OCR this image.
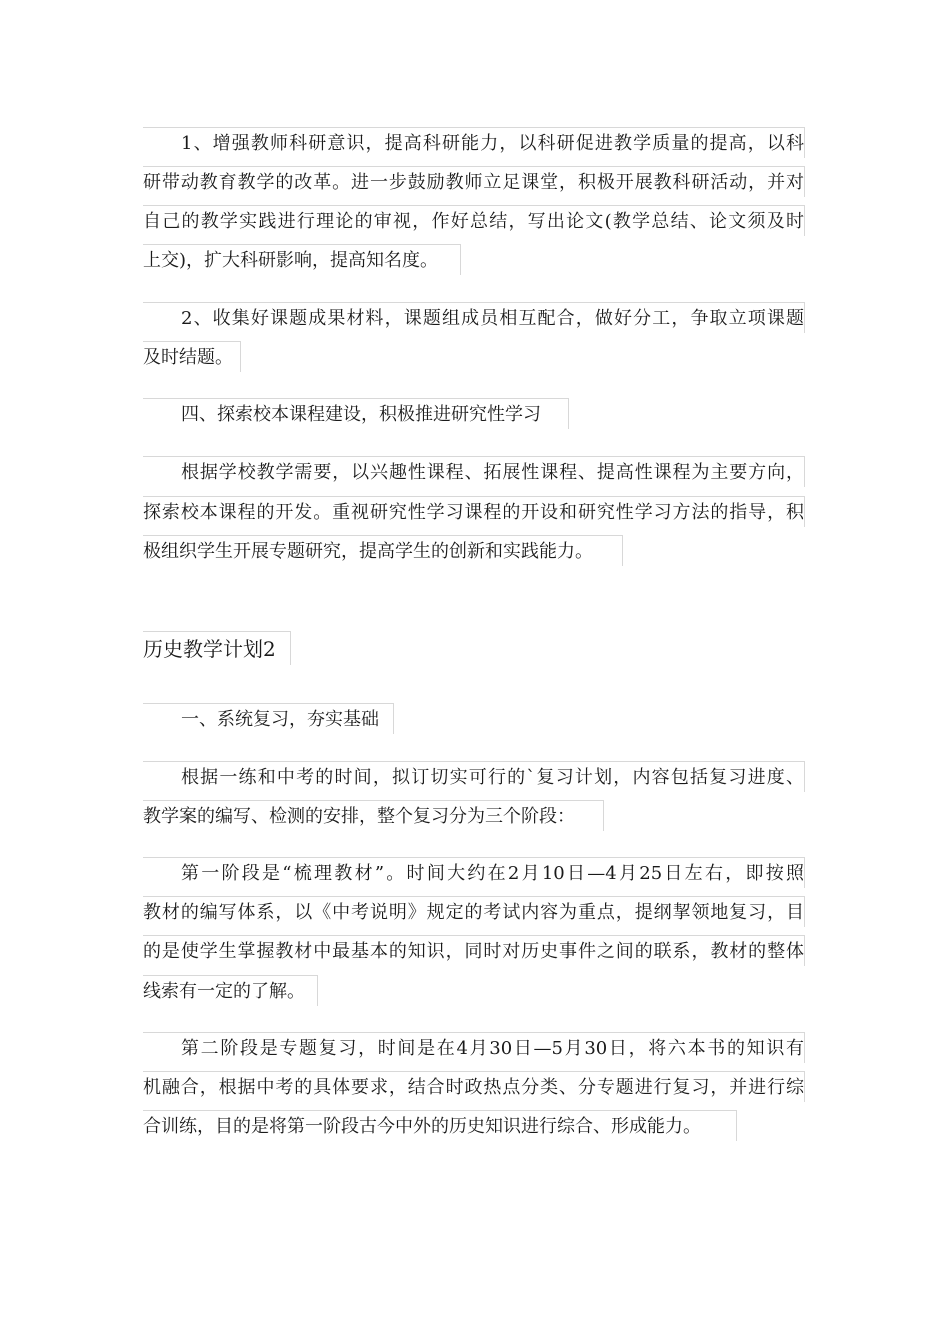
1、增强教师科研意识，提高科研能力，以科研促进教学质量的提高，以科
研带动教育教学的改革。进一步鼓励教师立足课堂，积极开展教科研活动，并对
自己的教学实践进行理论的审视，作好总结，写出论文(教学总结、论文须及时
上交)，扩大科研影响，提高知名度。
2、收集好课题成果材料，课题组成员相互配合，做好分工，争取立项课题
及时结题。
四、探索校本课程建设，积极推进研究性学习
根据学校教学需要，以兴趣性课程、拓展性课程、提高性课程为主要方向，
探索校本课程的开发。重视研究性学习课程的开设和研究性学习方法的指导，积
极组织学生开展专题研究，提高学生的创新和实践能力。
历史教学计划2
一、系统复习，夯实基础
根据一练和中考的时间，拟订切实可行的`复习计划，内容包括复习进度、
教学案的编写、检测的安排，整个复习分为三个阶段：
第一阶段是“梳理教材”。时间大约在2月10日—4月25日左右，即按照
教材的编写体系，以《中考说明》规定的考试内容为重点，提纲挈领地复习，目
的是使学生掌握教材中最基本的知识，同时对历史事件之间的联系，教材的整体
线索有一定的了解。
第二阶段是专题复习，时间是在4月30日—5月30日，将六本书的知识有
机融合，根据中考的具体要求，结合时政热点分类、分专题进行复习，并进行综
合训练，目的是将第一阶段古今中外的历史知识进行综合、形成能力。
